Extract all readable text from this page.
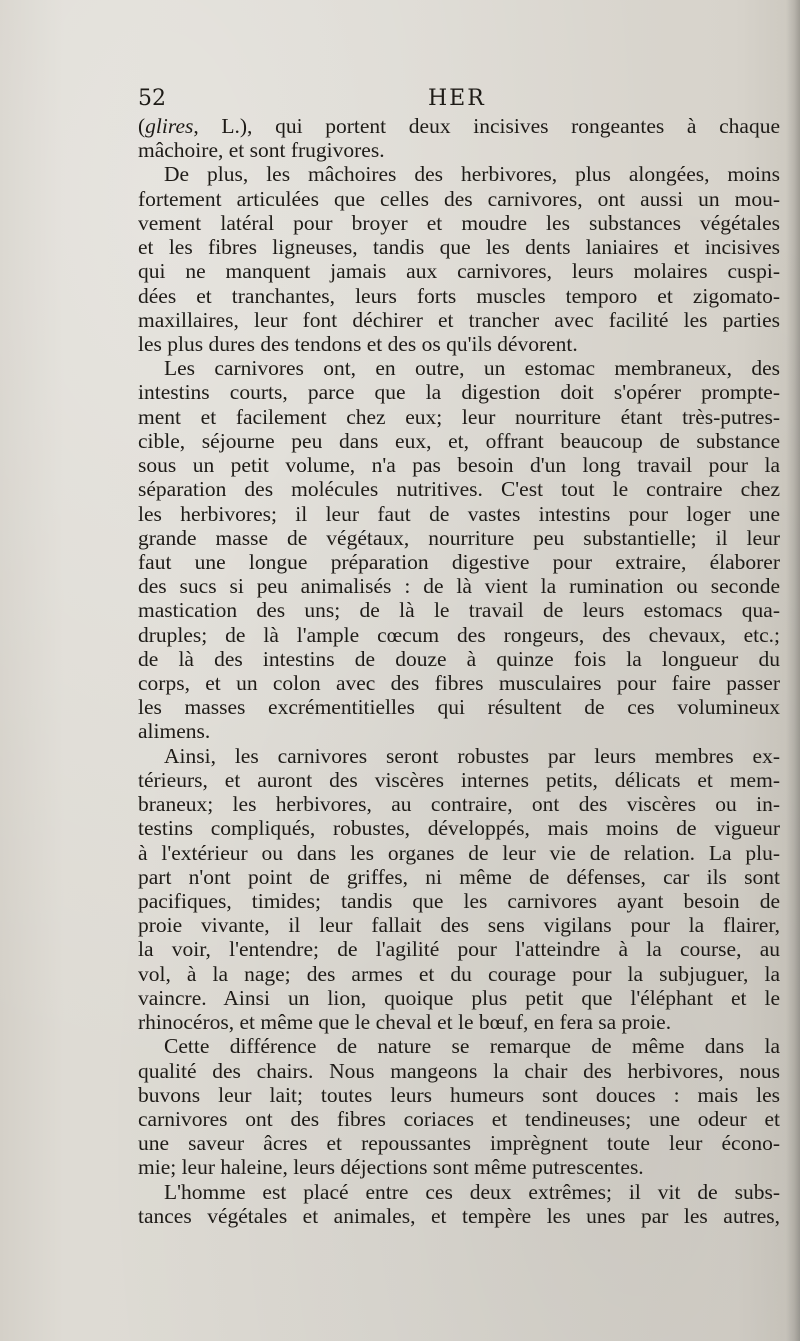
52	HER
(glires, L.), qui portent deux incisives rongeantes à chaque
mâchoire, et sont frugivores.
De plus, les mâchoires des herbivores, plus alongées, moins
fortement articulées que celles des carnivores, ont aussi un mou-
vement latéral pour broyer et moudre les substances végétales
et les fibres ligneuses, tandis que les dents laniaires et incisives
qui ne manquent jamais aux carnivores, leurs molaires cuspi-
dées et tranchantes, leurs forts muscles temporo et zigomato-
maxillaires, leur font déchirer et trancher avec facilité les parties
les plus dures des tendons et des os qu'ils dévorent.
Les carnivores ont, en outre, un estomac membraneux, des
intestins courts, parce que la digestion doit s'opérer prompte-
ment et facilement chez eux; leur nourriture étant très-putres-
cible, séjourne peu dans eux, et, offrant beaucoup de substance
sous un petit volume, n'a pas besoin d'un long travail pour la
séparation des molécules nutritives. C'est tout le contraire chez
les herbivores; il leur faut de vastes intestins pour loger une
grande masse de végétaux, nourriture peu substantielle; il leur
faut une longue préparation digestive pour extraire, élaborer
des sucs si peu animalisés : de là vient la rumination ou seconde
mastication des uns; de là le travail de leurs estomacs qua-
druples; de là l'ample cœcum des rongeurs, des chevaux, etc.;
de là des intestins de douze à quinze fois la longueur du
corps, et un colon avec des fibres musculaires pour faire passer
les masses excrémentitielles qui résultent de ces volumineux
alimens.
Ainsi, les carnivores seront robustes par leurs membres ex-
térieurs, et auront des viscères internes petits, délicats et mem-
braneux; les herbivores, au contraire, ont des viscères ou in-
testins compliqués, robustes, développés, mais moins de vigueur
à l'extérieur ou dans les organes de leur vie de relation. La plu-
part n'ont point de griffes, ni même de défenses, car ils sont
pacifiques, timides; tandis que les carnivores ayant besoin de
proie vivante, il leur fallait des sens vigilans pour la flairer,
la voir, l'entendre; de l'agilité pour l'atteindre à la course, au
vol, à la nage; des armes et du courage pour la subjuguer, la
vaincre. Ainsi un lion, quoique plus petit que l'éléphant et le
rhinocéros, et même que le cheval et le bœuf, en fera sa proie.
Cette différence de nature se remarque de même dans la
qualité des chairs. Nous mangeons la chair des herbivores, nous
buvons leur lait; toutes leurs humeurs sont douces : mais les
carnivores ont des fibres coriaces et tendineuses; une odeur et
une saveur âcres et repoussantes imprègnent toute leur écono-
mie; leur haleine, leurs déjections sont même putrescentes.
L'homme est placé entre ces deux extrêmes; il vit de subs-
tances végétales et animales, et tempère les unes par les autres,
